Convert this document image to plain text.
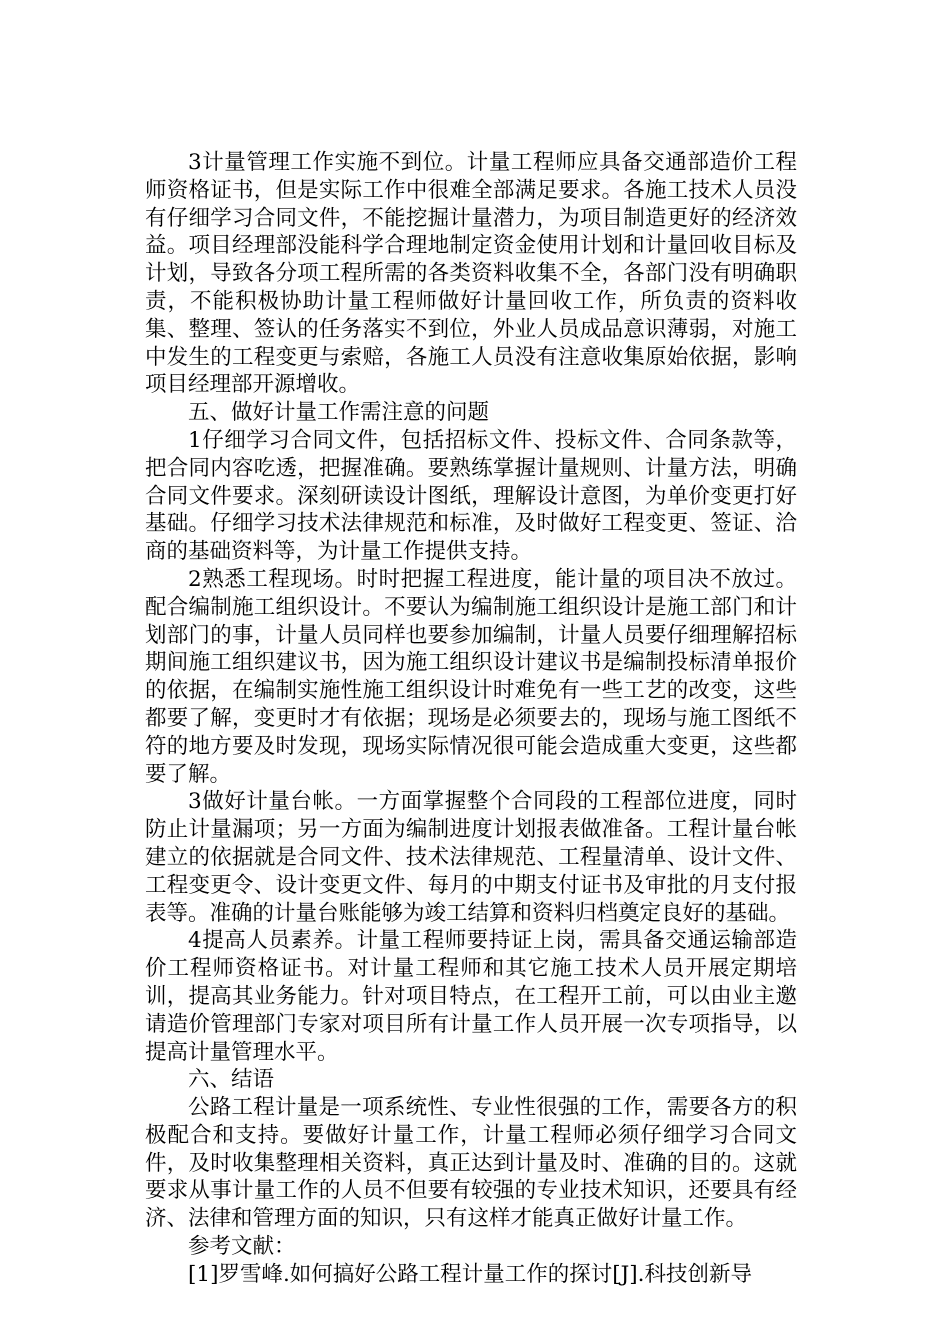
3计量管理工作实施不到位。计量工程师应具备交通部造价工程师资格证书，但是实际工作中很难全部满足要求。各施工技术人员没有仔细学习合同文件，不能挖掘计量潜力，为项目制造更好的经济效益。项目经理部没能科学合理地制定资金使用计划和计量回收目标及计划，导致各分项工程所需的各类资料收集不全，各部门没有明确职责，不能积极协助计量工程师做好计量回收工作，所负责的资料收集、整理、签认的任务落实不到位，外业人员成品意识薄弱，对施工中发生的工程变更与索赔，各施工人员没有注意收集原始依据，影响项目经理部开源增收。

五、做好计量工作需注意的问题

1仔细学习合同文件，包括招标文件、投标文件、合同条款等，把合同内容吃透，把握准确。要熟练掌握计量规则、计量方法，明确合同文件要求。深刻研读设计图纸，理解设计意图，为单价变更打好基础。仔细学习技术法律规范和标准，及时做好工程变更、签证、洽商的基础资料等，为计量工作提供支持。

2熟悉工程现场。时时把握工程进度，能计量的项目决不放过。配合编制施工组织设计。不要认为编制施工组织设计是施工部门和计划部门的事，计量人员同样也要参加编制，计量人员要仔细理解招标期间施工组织建议书，因为施工组织设计建议书是编制投标清单报价的依据，在编制实施性施工组织设计时难免有一些工艺的改变，这些都要了解，变更时才有依据；现场是必须要去的，现场与施工图纸不符的地方要及时发现，现场实际情况很可能会造成重大变更，这些都要了解。

3做好计量台帐。一方面掌握整个合同段的工程部位进度，同时防止计量漏项；另一方面为编制进度计划报表做准备。工程计量台帐建立的依据就是合同文件、技术法律规范、工程量清单、设计文件、工程变更令、设计变更文件、每月的中期支付证书及审批的月支付报表等。准确的计量台账能够为竣工结算和资料归档奠定良好的基础。

4提高人员素养。计量工程师要持证上岗，需具备交通运输部造价工程师资格证书。对计量工程师和其它施工技术人员开展定期培训，提高其业务能力。针对项目特点，在工程开工前，可以由业主邀请造价管理部门专家对项目所有计量工作人员开展一次专项指导，以提高计量管理水平。

六、结语

公路工程计量是一项系统性、专业性很强的工作，需要各方的积极配合和支持。要做好计量工作，计量工程师必须仔细学习合同文件，及时收集整理相关资料，真正达到计量及时、准确的目的。这就要求从事计量工作的人员不但要有较强的专业技术知识，还要具有经济、法律和管理方面的知识，只有这样才能真正做好计量工作。

参考文献：

[1]罗雪峰.如何搞好公路工程计量工作的探讨[J].科技创新导
